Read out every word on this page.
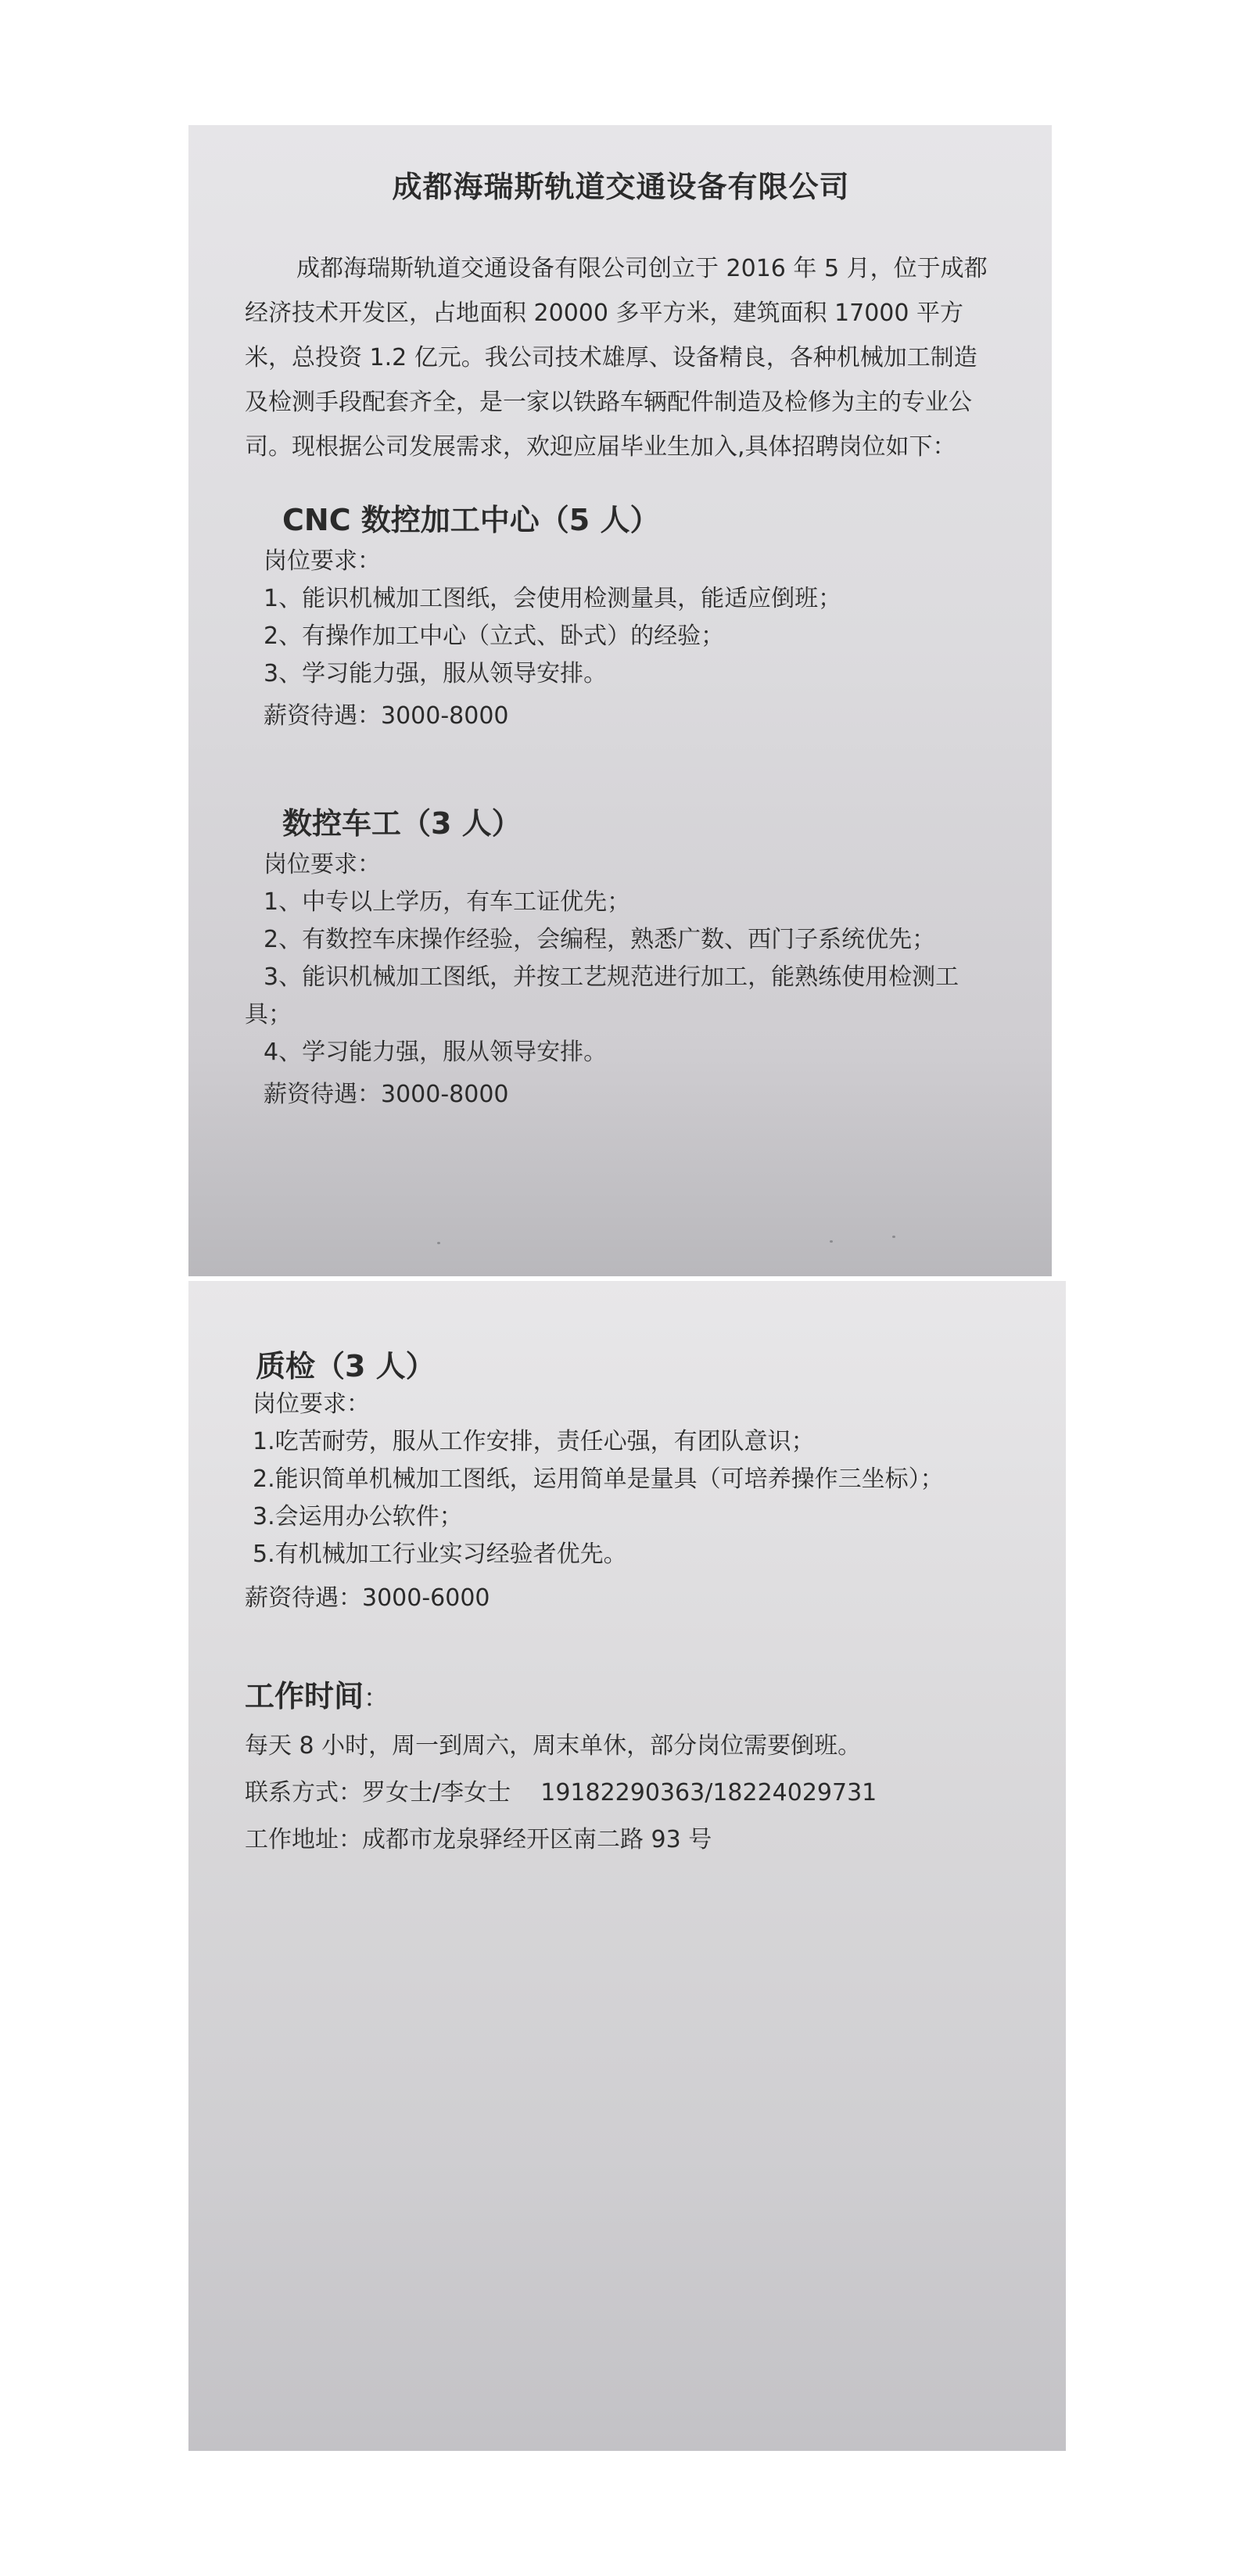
成都海瑞斯轨道交通设备有限公司

成都海瑞斯轨道交通设备有限公司创立于 2016 年 5 月，位于成都经济技术开发区，占地面积 20000 多平方米，建筑面积 17000 平方米，总投资 1.2 亿元。我公司技术雄厚、设备精良，各种机械加工制造及检测手段配套齐全，是一家以铁路车辆配件制造及检修为主的专业公司。现根据公司发展需求，欢迎应届毕业生加入,具体招聘岗位如下：

CNC 数控加工中心（5 人）

岗位要求：

1、能识机械加工图纸，会使用检测量具，能适应倒班；

2、有操作加工中心（立式、卧式）的经验；

3、学习能力强，服从领导安排。

薪资待遇：3000-8000

数控车工（3 人）

岗位要求：

1、中专以上学历，有车工证优先；

2、有数控车床操作经验，会编程，熟悉广数、西门子系统优先；

3、能识机械加工图纸，并按工艺规范进行加工，能熟练使用检测工具；

4、学习能力强，服从领导安排。

薪资待遇：3000-8000

质检（3 人）

岗位要求：

1.吃苦耐劳，服从工作安排，责任心强，有团队意识；

2.能识简单机械加工图纸，运用简单是量具（可培养操作三坐标）；

3.会运用办公软件；

5.有机械加工行业实习经验者优先。

薪资待遇：3000-6000

工作时间：

每天 8 小时，周一到周六，周末单休，部分岗位需要倒班。

联系方式：罗女士/李女士    19182290363/18224029731

工作地址：成都市龙泉驿经开区南二路 93 号
